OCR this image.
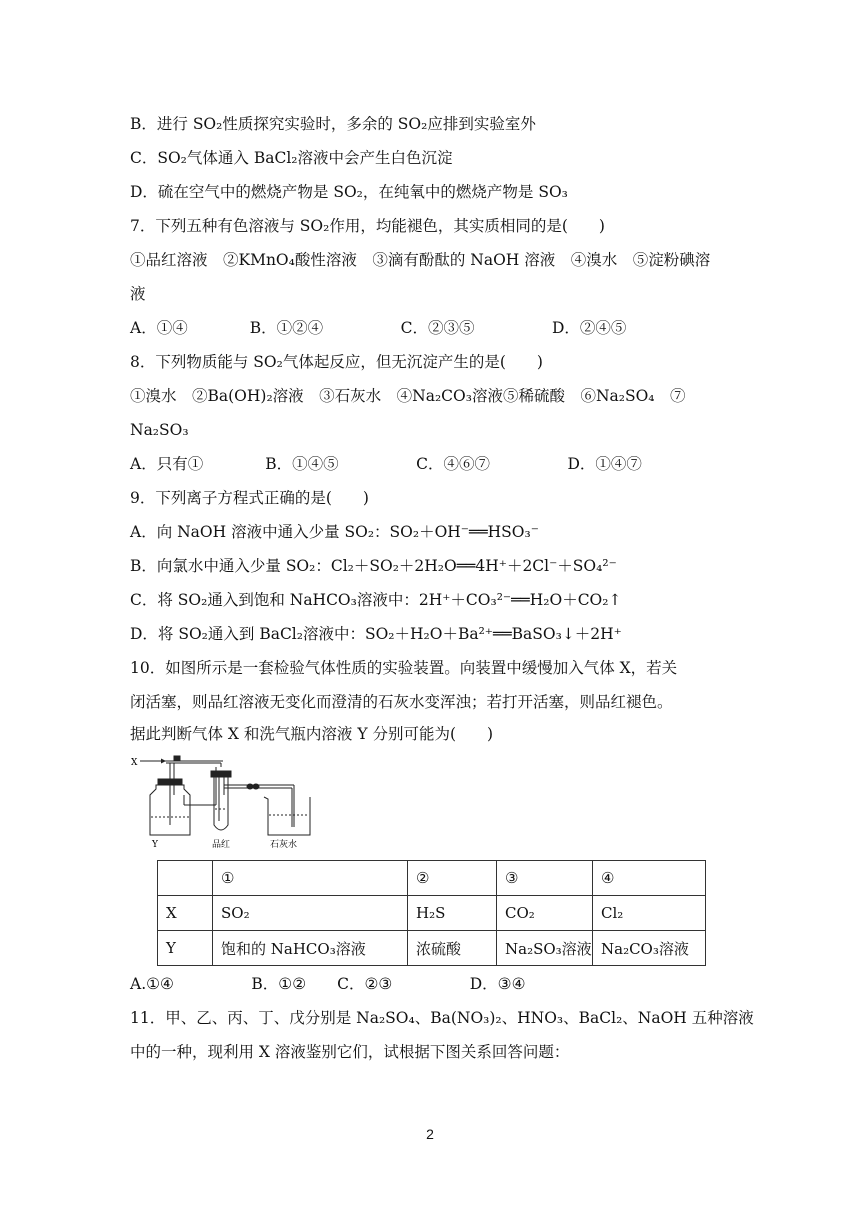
B．进行 SO₂性质探究实验时，多余的 SO₂应排到实验室外
C．SO₂气体通入 BaCl₂溶液中会产生白色沉淀
D．硫在空气中的燃烧产物是 SO₂，在纯氧中的燃烧产物是 SO₃
7．下列五种有色溶液与 SO₂作用，均能褪色，其实质相同的是(　　)
①品红溶液　②KMnO₄酸性溶液　③滴有酚酞的 NaOH 溶液　④溴水　⑤淀粉碘溶
液
A．①④　　　　B．①②④　　　　　C．②③⑤　　　　　D．②④⑤
8．下列物质能与 SO₂气体起反应，但无沉淀产生的是(　　)
①溴水　②Ba(OH)₂溶液　③石灰水　④Na₂CO₃溶液⑤稀硫酸　⑥Na₂SO₄　⑦
Na₂SO₃
A．只有①　　　　B．①④⑤　　　　　C．④⑥⑦　　　　　D．①④⑦
9．下列离子方程式正确的是(　　)
A．向 NaOH 溶液中通入少量 SO₂：SO₂＋OH⁻══HSO₃⁻
B．向氯水中通入少量 SO₂：Cl₂＋SO₂＋2H₂O══4H⁺＋2Cl⁻＋SO₄²⁻
C．将 SO₂通入到饱和 NaHCO₃溶液中：2H⁺＋CO₃²⁻══H₂O＋CO₂↑
D．将 SO₂通入到 BaCl₂溶液中：SO₂＋H₂O＋Ba²⁺══BaSO₃↓＋2H⁺
10．如图所示是一套检验气体性质的实验装置。向装置中缓慢加入气体 X，若关
闭活塞，则品红溶液无变化而澄清的石灰水变浑浊；若打开活塞，则品红褪色。
据此判断气体 X 和洗气瓶内溶液 Y 分别可能为(　　)
X
Y	品红	石灰水
	①	②	③	④
X	SO₂	H₂S	CO₂	Cl₂
Y	饱和的 NaHCO₃溶液	浓硫酸	Na₂SO₃溶液	Na₂CO₃溶液
A.①④　　　　　B．①②　　C．②③　　　　　D．③④
11．甲、乙、丙、丁、戊分别是 Na₂SO₄、Ba(NO₃)₂、HNO₃、BaCl₂、NaOH 五种溶液
中的一种，现利用 X 溶液鉴别它们，试根据下图关系回答问题：
2
